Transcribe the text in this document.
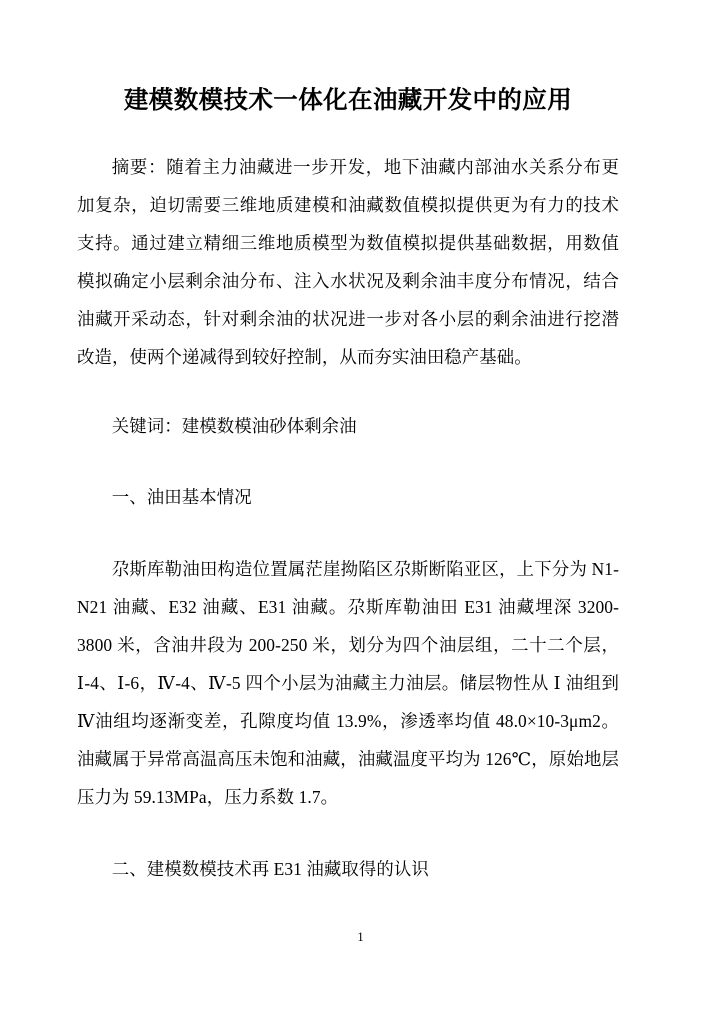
建模数模技术一体化在油藏开发中的应用

摘要：随着主力油藏进一步开发，地下油藏内部油水关系分布更加复杂，迫切需要三维地质建模和油藏数值模拟提供更为有力的技术支持。通过建立精细三维地质模型为数值模拟提供基础数据，用数值模拟确定小层剩余油分布、注入水状况及剩余油丰度分布情况，结合油藏开采动态，针对剩余油的状况进一步对各小层的剩余油进行挖潜改造，使两个递减得到较好控制，从而夯实油田稳产基础。

关键词：建模数模油砂体剩余油

一、油田基本情况

尕斯库勒油田构造位置属茫崖拗陷区尕斯断陷亚区，上下分为 N1-N21 油藏、E32 油藏、E31 油藏。尕斯库勒油田 E31 油藏埋深 3200-3800 米，含油井段为 200-250 米，划分为四个油层组，二十二个层，Ⅰ-4、Ⅰ-6，Ⅳ-4、Ⅳ-5 四个小层为油藏主力油层。储层物性从 Ⅰ 油组到Ⅳ油组均逐渐变差，孔隙度均值 13.9%，渗透率均值 48.0×10-3μm2。油藏属于异常高温高压未饱和油藏，油藏温度平均为 126℃，原始地层压力为 59.13MPa，压力系数 1.7。

二、建模数模技术再 E31 油藏取得的认识

1
